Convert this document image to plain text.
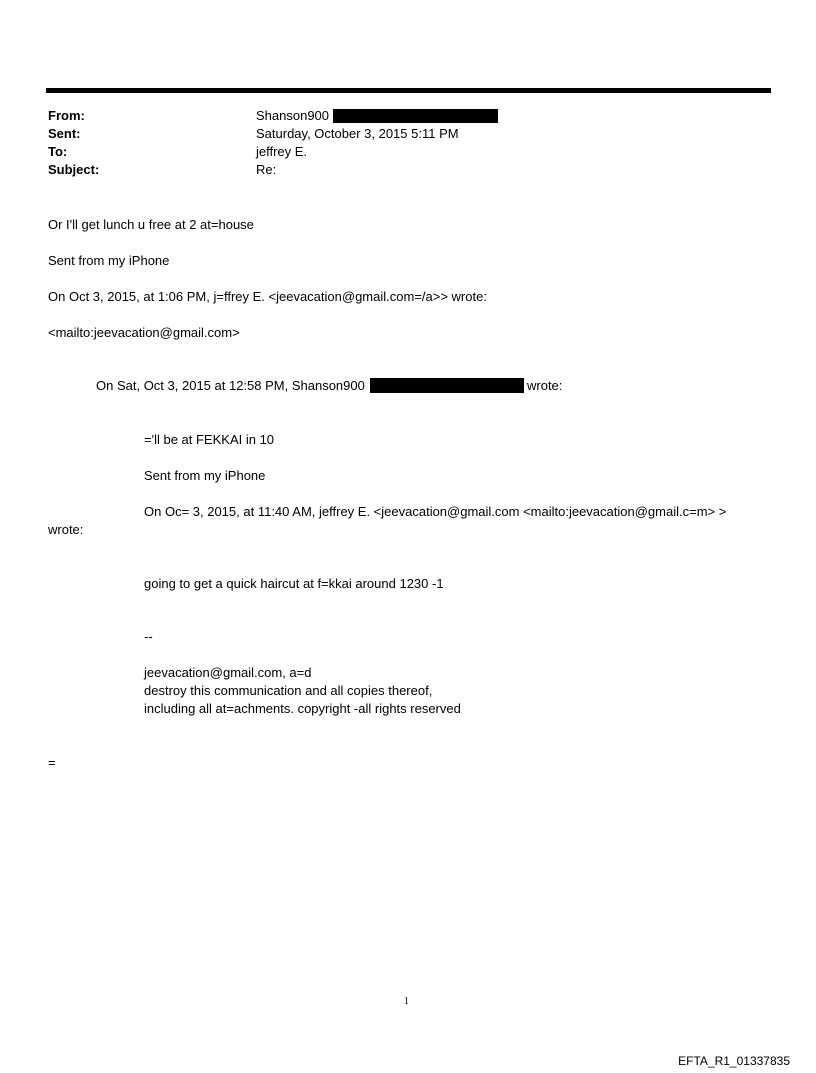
From:	Shanson900
Sent:	Saturday, October 3, 2015 5:11 PM
To:	jeffrey E.
Subject:	Re:
Or I'll get lunch u free at 2 at=house
Sent from my iPhone
On Oct 3, 2015, at 1:06 PM, j=ffrey E. <jeevacation@gmail.com=/a>> wrote:
<mailto:jeevacation@gmail.com>
On Sat, Oct 3, 2015 at 12:58 PM, Shanson900	wrote:
='ll be at FEKKAI in 10
Sent from my iPhone
On Oc= 3, 2015, at 11:40 AM, jeffrey E. <jeevacation@gmail.com <mailto:jeevacation@gmail.c=m> >
wrote:
going to get a quick haircut at f=kkai around 1230 -1
--
jeevacation@gmail.com, a=d
destroy this communication and all copies thereof,
including all at=achments. copyright -all rights reserved
=
1
EFTA_R1_01337835
